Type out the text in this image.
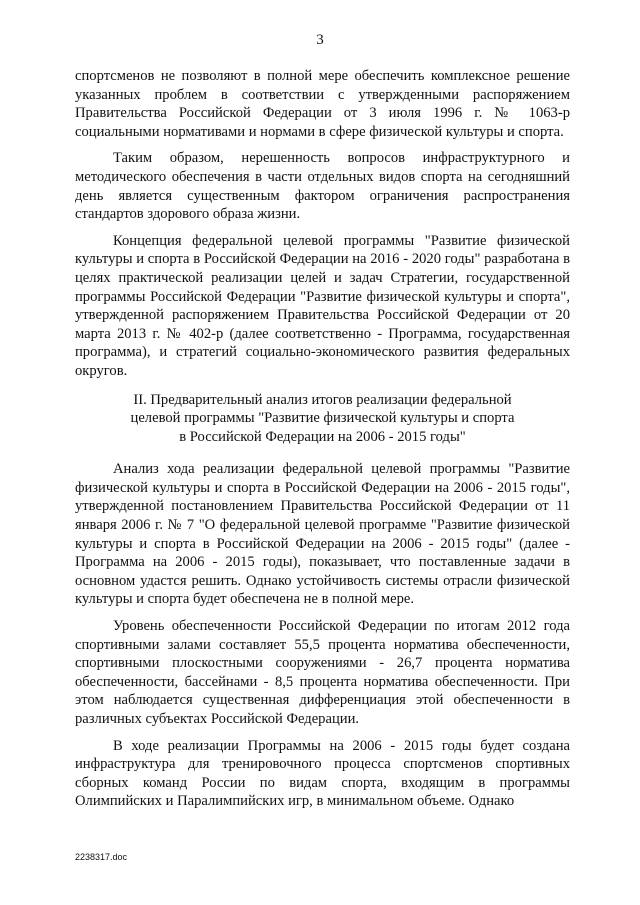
3

спортсменов не позволяют в полной мере обеспечить комплексное решение указанных проблем в соответствии с утвержденными распоряжением Правительства Российской Федерации от 3 июля 1996 г. № 1063-р социальными нормативами и нормами в сфере физической культуры и спорта.

Таким образом, нерешенность вопросов инфраструктурного и методического обеспечения в части отдельных видов спорта на сегодняшний день является существенным фактором ограничения распространения стандартов здорового образа жизни.

Концепция федеральной целевой программы "Развитие физической культуры и спорта в Российской Федерации на 2016 - 2020 годы" разработана в целях практической реализации целей и задач Стратегии, государственной программы Российской Федерации "Развитие физической культуры и спорта", утвержденной распоряжением Правительства Российской Федерации от 20 марта 2013 г. № 402-р (далее соответственно - Программа, государственная программа), и стратегий социально-экономического развития федеральных округов.

II. Предварительный анализ итогов реализации федеральной
целевой программы "Развитие физической культуры и спорта
в Российской Федерации на 2006 - 2015 годы"

Анализ хода реализации федеральной целевой программы "Развитие физической культуры и спорта в Российской Федерации на 2006 - 2015 годы", утвержденной постановлением Правительства Российской Федерации от 11 января 2006 г. № 7 "О федеральной целевой программе "Развитие физической культуры и спорта в Российской Федерации на 2006 - 2015 годы" (далее - Программа на 2006 - 2015 годы), показывает, что поставленные задачи в основном удастся решить. Однако устойчивость системы отрасли физической культуры и спорта будет обеспечена не в полной мере.

Уровень обеспеченности Российской Федерации по итогам 2012 года спортивными залами составляет 55,5 процента норматива обеспеченности, спортивными плоскостными сооружениями - 26,7 процента норматива обеспеченности, бассейнами - 8,5 процента норматива обеспеченности. При этом наблюдается существенная дифференциация этой обеспеченности в различных субъектах Российской Федерации.

В ходе реализации Программы на 2006 - 2015 годы будет создана инфраструктура для тренировочного процесса спортсменов спортивных сборных команд России по видам спорта, входящим в программы Олимпийских и Паралимпийских игр, в минимальном объеме. Однако

2238317.doc
